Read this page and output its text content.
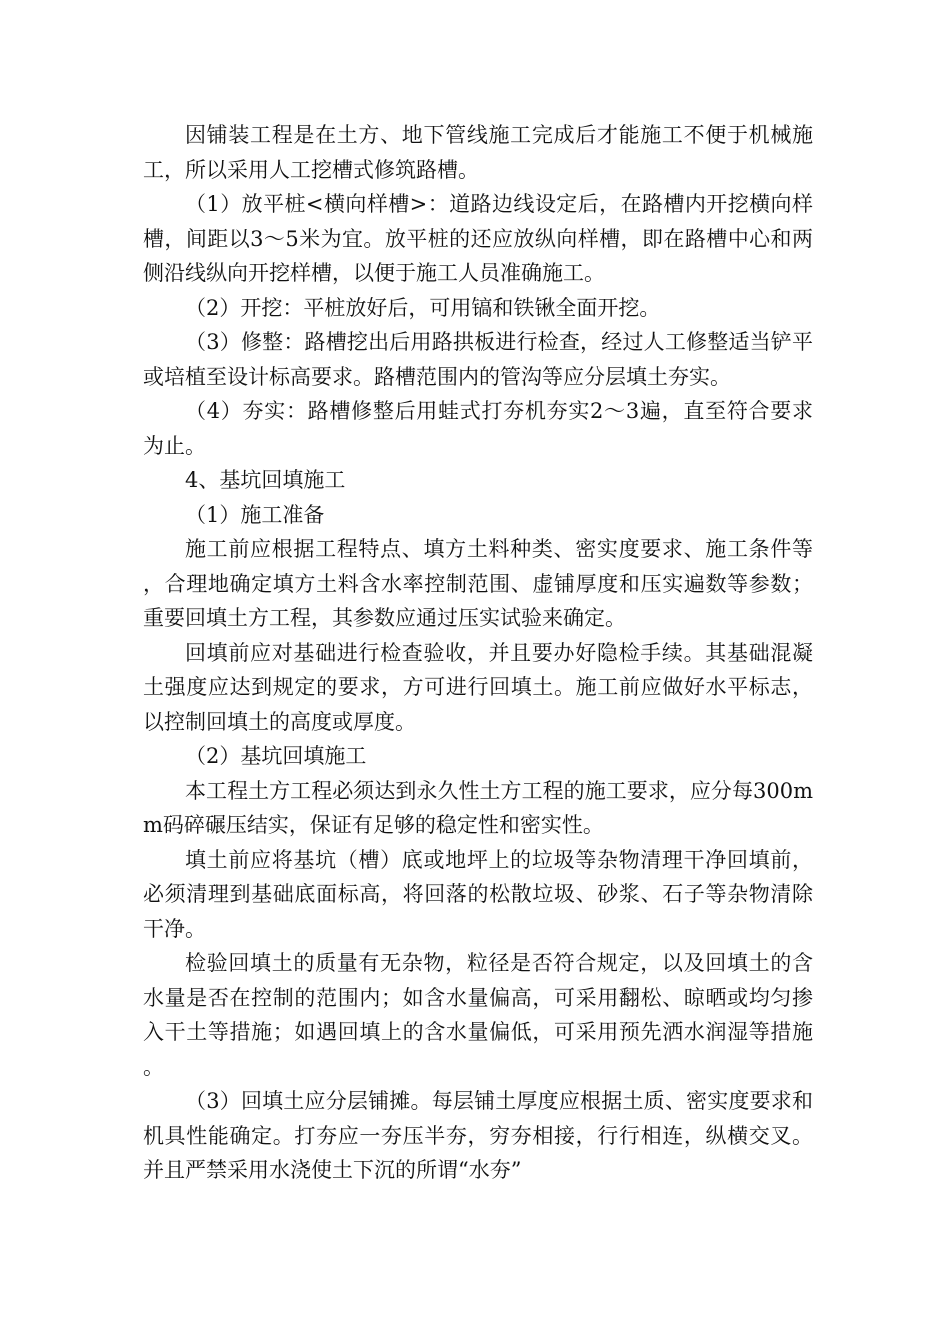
因铺装工程是在土方、地下管线施工完成后才能施工不便于机械施工，所以采用人工挖槽式修筑路槽。

（1）放平桩<横向样槽>：道路边线设定后，在路槽内开挖横向样槽，间距以3～5米为宜。放平桩的还应放纵向样槽，即在路槽中心和两侧沿线纵向开挖样槽，以便于施工人员准确施工。

（2）开挖：平桩放好后，可用镐和铁锹全面开挖。

（3）修整：路槽挖出后用路拱板进行检查，经过人工修整适当铲平或培植至设计标高要求。路槽范围内的管沟等应分层填土夯实。

（4）夯实：路槽修整后用蛙式打夯机夯实2～3遍，直至符合要求为止。

4、基坑回填施工

（1）施工准备

施工前应根据工程特点、填方土料种类、密实度要求、施工条件等，合理地确定填方土料含水率控制范围、虚铺厚度和压实遍数等参数；重要回填土方工程，其参数应通过压实试验来确定。

回填前应对基础进行检查验收，并且要办好隐检手续。其基础混凝土强度应达到规定的要求，方可进行回填土。施工前应做好水平标志，以控制回填土的高度或厚度。

（2）基坑回填施工

本工程土方工程必须达到永久性土方工程的施工要求，应分每300mm码碎碾压结实，保证有足够的稳定性和密实性。

填土前应将基坑（槽）底或地坪上的垃圾等杂物清理干净回填前，必须清理到基础底面标高，将回落的松散垃圾、砂浆、石子等杂物清除干净。

检验回填土的质量有无杂物，粒径是否符合规定，以及回填土的含水量是否在控制的范围内；如含水量偏高，可采用翻松、晾晒或均匀掺入干土等措施；如遇回填上的含水量偏低，可采用预先洒水润湿等措施。

（3）回填土应分层铺摊。每层铺土厚度应根据土质、密实度要求和机具性能确定。打夯应一夯压半夯，穷夯相接，行行相连，纵横交叉。并且严禁采用水浇使土下沉的所谓“水夯”
